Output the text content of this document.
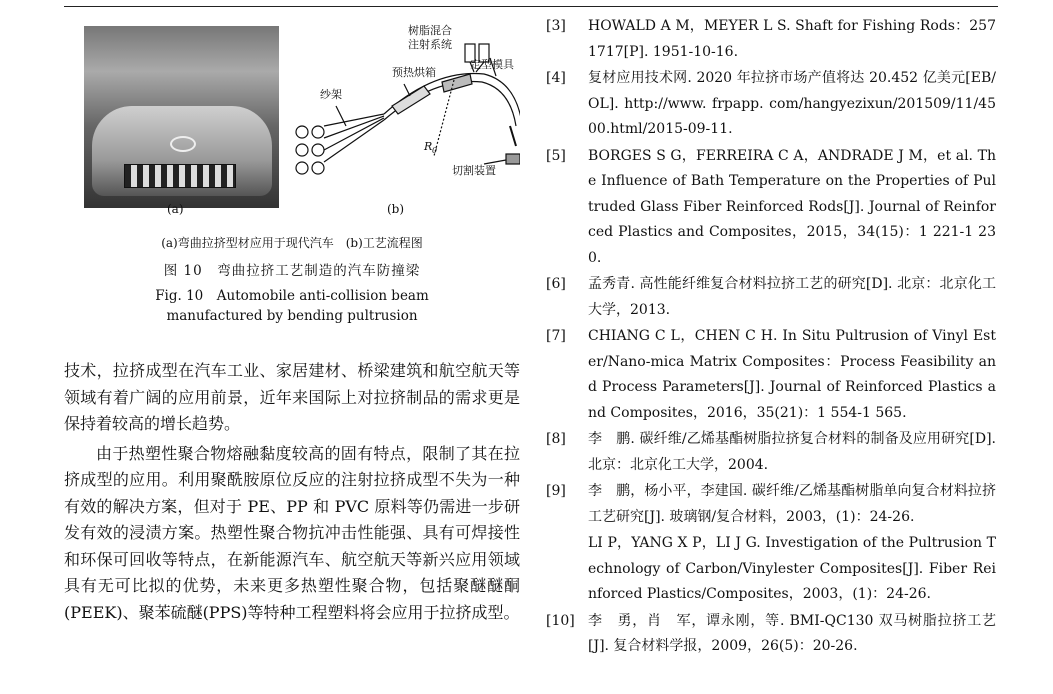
树脂混合
注射系统
预热烘箱
定型模具
纱架
切割装置
R 0
(a)	(b)
(a)弯曲拉挤型材应用于现代汽车　(b)工艺流程图
图 10　弯曲拉挤工艺制造的汽车防撞梁
Fig. 10　Automobile anti-collision beam
manufactured by bending pultrusion

技术，拉挤成型在汽车工业、家居建材、桥梁建筑和航空航天等领域有着广阔的应用前景，近年来国际上对拉挤制品的需求更是保持着较高的增长趋势。

由于热塑性聚合物熔融黏度较高的固有特点，限制了其在拉挤成型的应用。利用聚酰胺原位反应的注射拉挤成型不失为一种有效的解决方案，但对于 PE、PP 和 PVC 原料等仍需进一步研发有效的浸渍方案。热塑性聚合物抗冲击性能强、具有可焊接性和环保可回收等特点，在新能源汽车、航空航天等新兴应用领域具有无可比拟的优势，未来更多热塑性聚合物，包括聚醚醚酮(PEEK)、聚苯硫醚(PPS)等特种工程塑料将会应用于拉挤成型。

[3]	HOWALD A M，MEYER L S. Shaft for Fishing Rods：2571717[P]. 1951-10-16.
[4]	复材应用技术网. 2020 年拉挤市场产值将达 20.452 亿美元[EB/OL]. http://www. frpapp. com/hangyezixun/201509/11/4500.html/2015-09-11.
[5]	BORGES S G，FERREIRA C A，ANDRADE J M，et al. The Influence of Bath Temperature on the Properties of Pultruded Glass Fiber Reinforced Rods[J]. Journal of Reinforced Plastics and Composites，2015，34(15)：1 221-1 230.
[6]	孟秀青. 高性能纤维复合材料拉挤工艺的研究[D]. 北京：北京化工大学，2013.
[7]	CHIANG C L，CHEN C H. In Situ Pultrusion of Vinyl Ester/Nano-mica Matrix Composites：Process Feasibility and Process Parameters[J]. Journal of Reinforced Plastics and Composites，2016，35(21)：1 554-1 565.
[8]	李　鹏. 碳纤维/乙烯基酯树脂拉挤复合材料的制备及应用研究[D]. 北京：北京化工大学，2004.
[9]	李　鹏，杨小平，李建国. 碳纤维/乙烯基酯树脂单向复合材料拉挤工艺研究[J]. 玻璃钢/复合材料，2003，(1)：24-26.
LI P，YANG X P，LI J G. Investigation of the Pultrusion Technology of Carbon/Vinylester Composites[J]. Fiber Reinforced Plastics/Composites，2003，(1)：24-26.
[10] 李　勇，肖　军，谭永刚，等. BMI-QC130 双马树脂拉挤工艺[J]. 复合材料学报，2009，26(5)：20-26.
